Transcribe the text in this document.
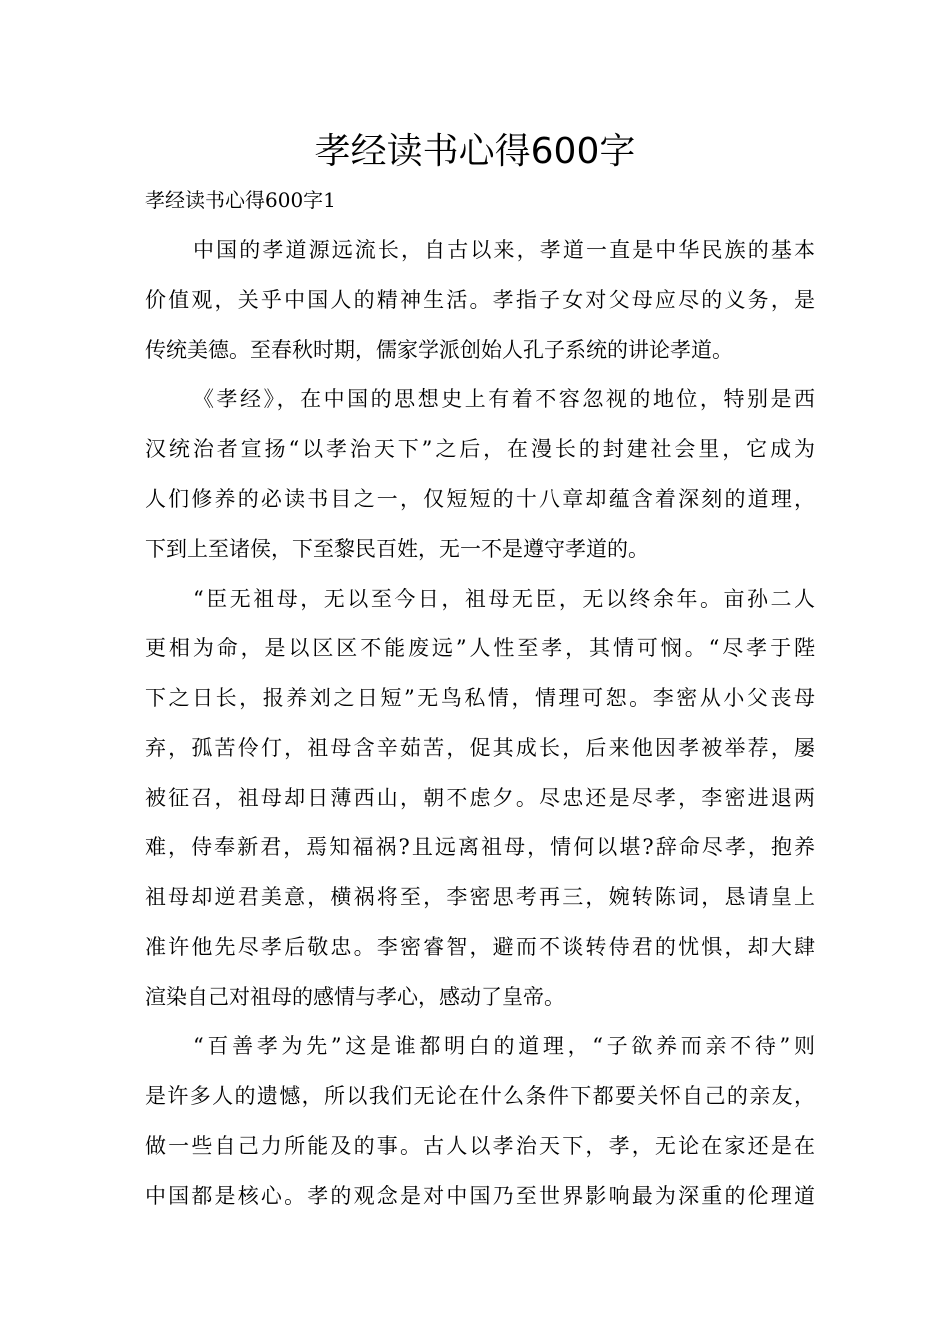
孝经读书心得600字
孝经读书心得600字1
中国的孝道源远流长，自古以来，孝道一直是中华民族的基本
价值观，关乎中国人的精神生活。孝指子女对父母应尽的义务，是
传统美德。至春秋时期，儒家学派创始人孔子系统的讲论孝道。
《孝经》，在中国的思想史上有着不容忽视的地位，特别是西
汉统治者宣扬“以孝治天下”之后，在漫长的封建社会里，它成为
人们修养的必读书目之一，仅短短的十八章却蕴含着深刻的道理，
下到上至诸侯，下至黎民百姓，无一不是遵守孝道的。
“臣无祖母，无以至今日，祖母无臣，无以终余年。亩孙二人
更相为命，是以区区不能废远”人性至孝，其情可悯。“尽孝于陛
下之日长，报养刘之日短”无鸟私情，情理可恕。李密从小父丧母
弃，孤苦伶仃，祖母含辛茹苦，促其成长，后来他因孝被举荐，屡
被征召，祖母却日薄西山，朝不虑夕。尽忠还是尽孝，李密进退两
难，侍奉新君，焉知福祸?且远离祖母，情何以堪?辞命尽孝，抱养
祖母却逆君美意，横祸将至，李密思考再三，婉转陈词，恳请皇上
准许他先尽孝后敬忠。李密睿智，避而不谈转侍君的忧惧，却大肆
渲染自己对祖母的感情与孝心，感动了皇帝。
“百善孝为先”这是谁都明白的道理，“子欲养而亲不待”则
是许多人的遗憾，所以我们无论在什么条件下都要关怀自己的亲友，
做一些自己力所能及的事。古人以孝治天下，孝，无论在家还是在
中国都是核心。孝的观念是对中国乃至世界影响最为深重的伦理道
